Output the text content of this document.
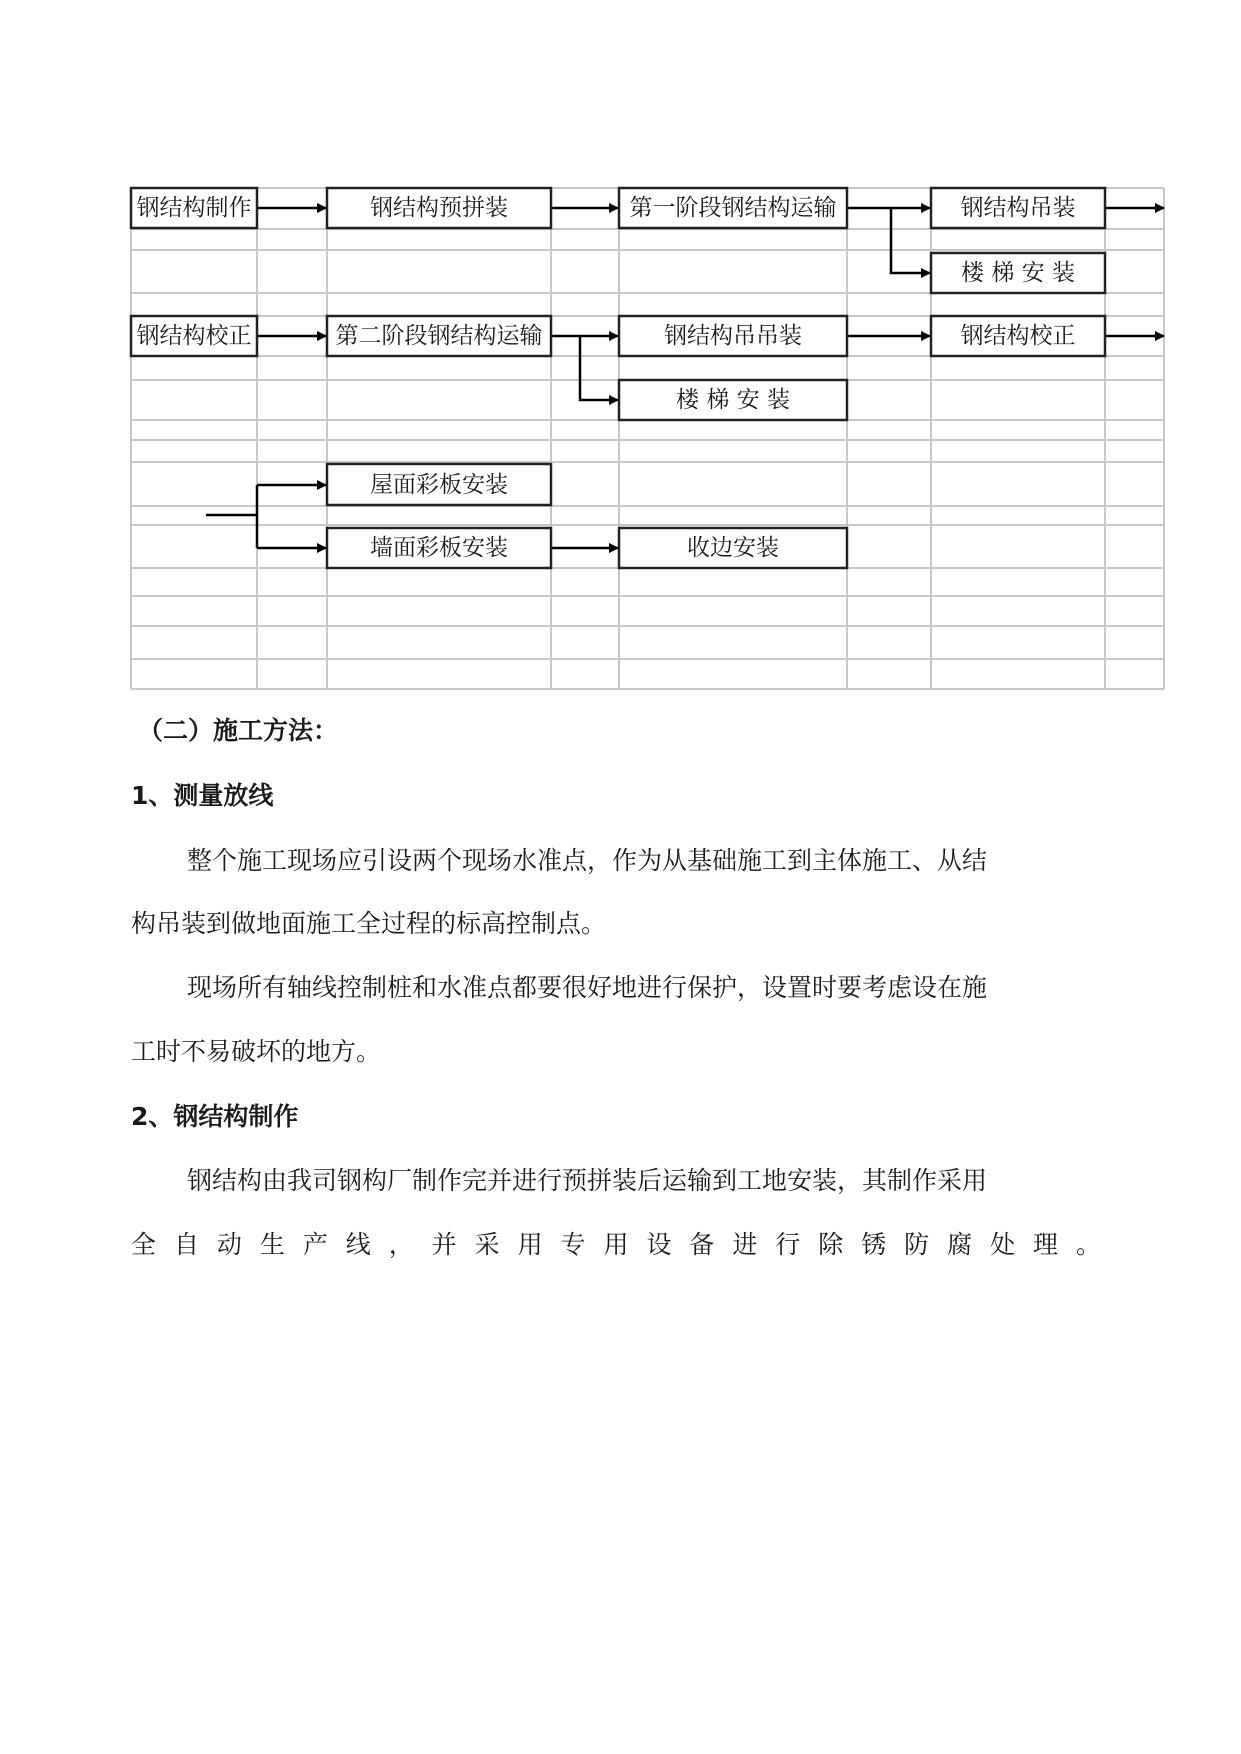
钢结构制作	钢结构预拼装	第一阶段钢结构运输	钢结构吊装
楼 梯 安 装
钢结构校正	第二阶段钢结构运输	钢结构吊吊装	钢结构校正
楼 梯 安 装
屋面彩板安装
墙面彩板安装	收边安装
（二）施工方法：
1、测量放线
整个施工现场应引设两个现场水准点，作为从基础施工到主体施工、从结
构吊装到做地面施工全过程的标高控制点。
现场所有轴线控制桩和水准点都要很好地进行保护，设置时要考虑设在施
工时不易破坏的地方。
2、钢结构制作
钢结构由我司钢构厂制作完并进行预拼装后运输到工地安装，其制作采用
全 自 动 生 产 线 ， 并 采 用 专 用 设 备 进 行 除 锈 防 腐 处 理 。
